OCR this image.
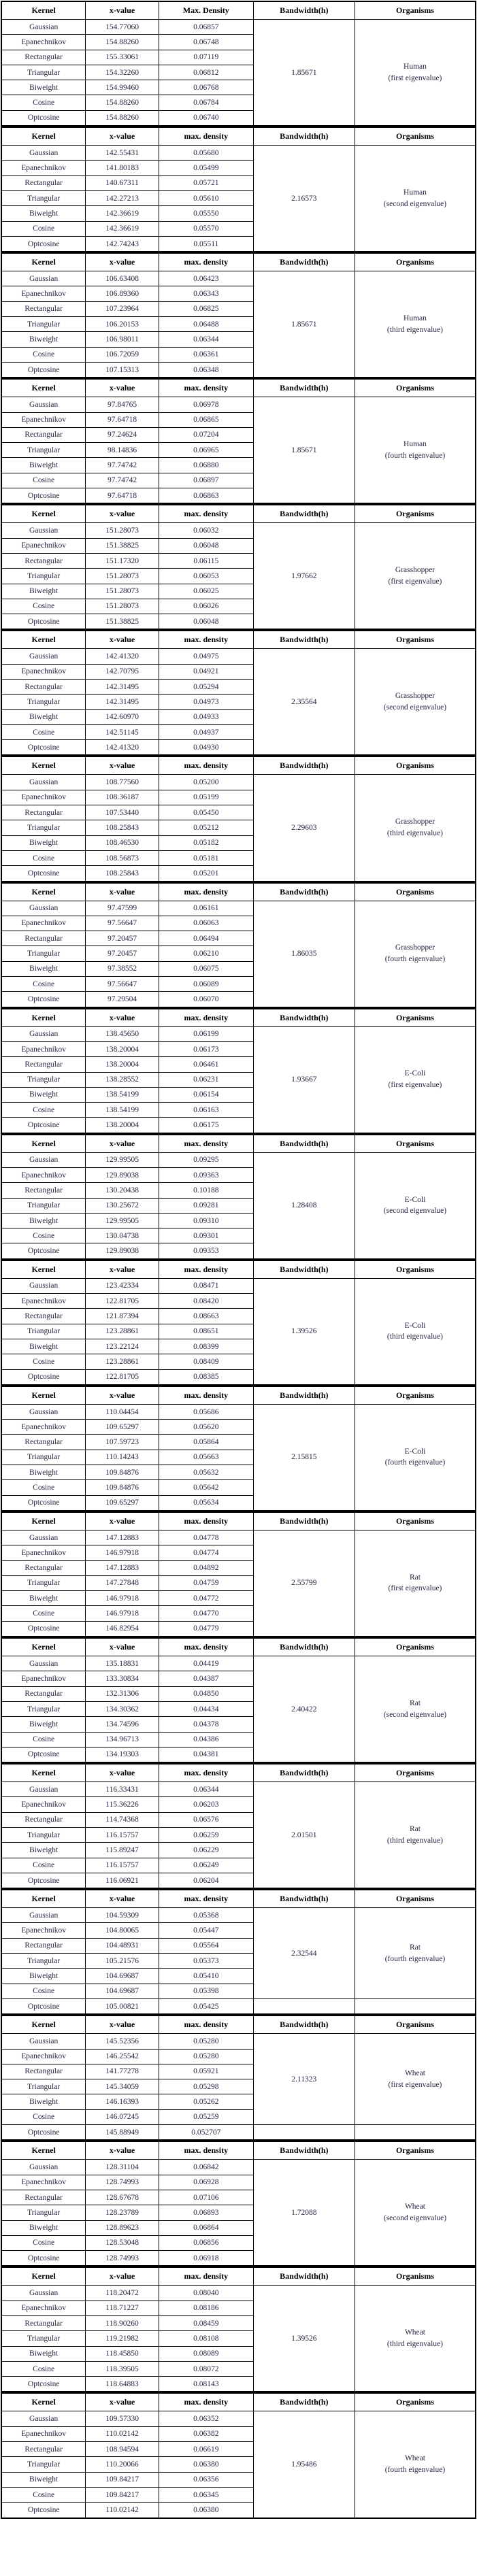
Kernel	x-value	Max. Density	Bandwidth(h)	Organisms
Gaussian	154.77060	0.06857	1.85671	Human
(first eigenvalue)

Epanechnikov	154.88260	0.06748		
Rectangular	155.33061	0.07119		
Triangular	154.32260	0.06812		
Biweight	154.99460	0.06768		
Cosine	154.88260	0.06784		
Optcosine	154.88260	0.06740		
Kernel	x-value	max. density	Bandwidth(h)	Organisms
Gaussian	142.55431	0.05680	2.16573	Human
(second eigenvalue)

Epanechnikov	141.80183	0.05499		
Rectangular	140.67311	0.05721		
Triangular	142.27213	0.05610		
Biweight	142.36619	0.05550		
Cosine	142.36619	0.05570		
Optcosine	142.74243	0.05511		
Kernel	x-value	max. density	Bandwidth(h)	Organisms
Gaussian	106.63408	0.06423	1.85671	Human
(third eigenvalue)

Epanechnikov	106.89360	0.06343		
Rectangular	107.23964	0.06825		
Triangular	106.20153	0.06488		
Biweight	106.98011	0.06344		
Cosine	106.72059	0.06361		
Optcosine	107.15313	0.06348		
Kernel	x-value	max. density	Bandwidth(h)	Organisms
Gaussian	97.84765	0.06978	1.85671	Human
(fourth eigenvalue)

Epanechnikov	97.64718	0.06865		
Rectangular	97.24624	0.07204		
Triangular	98.14836	0.06965		
Biweight	97.74742	0.06880		
Cosine	97.74742	0.06897		
Optcosine	97.64718	0.06863		
Kernel	x-value	max. density	Bandwidth(h)	Organisms
Gaussian	151.28073	0.06032	1.97662	Grasshopper
(first eigenvalue)

Epanechnikov	151.38825	0.06048		
Rectangular	151.17320	0.06115		
Triangular	151.28073	0.06053		
Biweight	151.28073	0.06025		
Cosine	151.28073	0.06026		
Optcosine	151.38825	0.06048		
Kernel	x-value	max. density	Bandwidth(h)	Organisms
Gaussian	142.41320	0.04975	2.35564	Grasshopper
(second eigenvalue)

Epanechnikov	142.70795	0.04921		
Rectangular	142.31495	0.05294		
Triangular	142.31495	0.04973		
Biweight	142.60970	0.04933		
Cosine	142.51145	0.04937		
Optcosine	142.41320	0.04930		
Kernel	x-value	max. density	Bandwidth(h)	Organisms
Gaussian	108.77560	0.05200	2.29603	Grasshopper
(third eigenvalue)

Epanechnikov	108.36187	0.05199		
Rectangular	107.53440	0.05450		
Triangular	108.25843	0.05212		
Biweight	108.46530	0.05182		
Cosine	108.56873	0.05181		
Optcosine	108.25843	0.05201		
Kernel	x-value	max. density	Bandwidth(h)	Organisms
Gaussian	97.47599	0.06161	1.86035	Grasshopper
(fourth eigenvalue)

Epanechnikov	97.56647	0.06063		
Rectangular	97.20457	0.06494		
Triangular	97.20457	0.06210		
Biweight	97.38552	0.06075		
Cosine	97.56647	0.06089		
Optcosine	97.29504	0.06070		
Kernel	x-value	max. density	Bandwidth(h)	Organisms
Gaussian	138.45650	0.06199	1.93667	E-Coli
(first eigenvalue)

Epanechnikov	138.20004	0.06173		
Rectangular	138.20004	0.06461		
Triangular	138.28552	0.06231		
Biweight	138.54199	0.06154		
Cosine	138.54199	0.06163		
Optcosine	138.20004	0.06175		
Kernel	x-value	max. density	Bandwidth(h)	Organisms
Gaussian	129.99505	0.09295	1.28408	E-Coli
(second eigenvalue)

Epanechnikov	129.89038	0.09363		
Rectangular	130.20438	0.10188		
Triangular	130.25672	0.09281		
Biweight	129.99505	0.09310		
Cosine	130.04738	0.09301		
Optcosine	129.89038	0.09353		
Kernel	x-value	max. density	Bandwidth(h)	Organisms
Gaussian	123.42334	0.08471	1.39526	E-Coli
(third eigenvalue)

Epanechnikov	122.81705	0.08420		
Rectangular	121.87394	0.08663		
Triangular	123.28861	0.08651		
Biweight	123.22124	0.08399		
Cosine	123.28861	0.08409		
Optcosine	122.81705	0.08385		
Kernel	x-value	max. density	Bandwidth(h)	Organisms
Gaussian	110.04454	0.05686	2.15815	E-Coli
(fourth eigenvalue)

Epanechnikov	109.65297	0.05620		
Rectangular	107.59723	0.05864		
Triangular	110.14243	0.05663		
Biweight	109.84876	0.05632		
Cosine	109.84876	0.05642		
Optcosine	109.65297	0.05634		
Kernel	x-value	max. density	Bandwidth(h)	Organisms
Gaussian	147.12883	0.04778	2.55799	Rat
(first eigenvalue)

Epanechnikov	146.97918	0.04774		
Rectangular	147.12883	0.04892		
Triangular	147.27848	0.04759		
Biweight	146.97918	0.04772		
Cosine	146.97918	0.04770		
Optcosine	146.82954	0.04779		
Kernel	x-value	max. density	Bandwidth(h)	Organisms
Gaussian	135.18831	0.04419	2.40422	Rat
(second eigenvalue)

Epanechnikov	133.30834	0.04387		
Rectangular	132.31306	0.04850		
Triangular	134.30362	0.04434		
Biweight	134.74596	0.04378		
Cosine	134.96713	0.04386		
Optcosine	134.19303	0.04381		
Kernel	x-value	max. density	Bandwidth(h)	Organisms
Gaussian	116.33431	0.06344	2.01501	Rat
(third eigenvalue)

Epanechnikov	115.36226	0.06203		
Rectangular	114.74368	0.06576		
Triangular	116.15757	0.06259		
Biweight	115.89247	0.06229		
Cosine	116.15757	0.06249		
Optcosine	116.06921	0.06204		
Kernel	x-value	max. density	Bandwidth(h)	Organisms
Gaussian	104.59309	0.05368	2.32544	Rat
(fourth eigenvalue)

Epanechnikov	104.80065	0.05447		
Rectangular	104.48931	0.05564		
Triangular	105.21576	0.05373		
Biweight	104.69687	0.05410		
Cosine	104.69687	0.05398		
Optcosine	105.00821	0.05425		
Kernel	x-value	max. density	Bandwidth(h)	Organisms
Gaussian	145.52356	0.05280	2.11323	Wheat
(first eigenvalue)

Epanechnikov	146.25542	0.05280		
Rectangular	141.77278	0.05921		
Triangular	145.34059	0.05298		
Biweight	146.16393	0.05262		
Cosine	146.07245	0.05259		
Optcosine	145.88949	0.052707		
Kernel	x-value	max. density	Bandwidth(h)	Organisms
Gaussian	128.31104	0.06842	1.72088	Wheat
(second eigenvalue)

Epanechnikov	128.74993	0.06928		
Rectangular	128.67678	0.07106		
Triangular	128.23789	0.06893		
Biweight	128.89623	0.06864		
Cosine	128.53048	0.06856		
Optcosine	128.74993	0.06918		
Kernel	x-value	max. density	Bandwidth(h)	Organisms
Gaussian	118.20472	0.08040	1.39526	Wheat
(third eigenvalue)

Epanechnikov	118.71227	0.08186		
Rectangular	118.90260	0.08459		
Triangular	119.21982	0.08108		
Biweight	118.45850	0.08089		
Cosine	118.39505	0.08072		
Optcosine	118.64883	0.08143		
Kernel	x-value	max. density	Bandwidth(h)	Organisms
Gaussian	109.57330	0.06352	1.95486	Wheat
(fourth eigenvalue)

Epanechnikov	110.02142	0.06382		
Rectangular	108.94594	0.06619		
Triangular	110.20066	0.06380		
Biweight	109.84217	0.06356		
Cosine	109.84217	0.06345		
Optcosine	110.02142	0.06380		
